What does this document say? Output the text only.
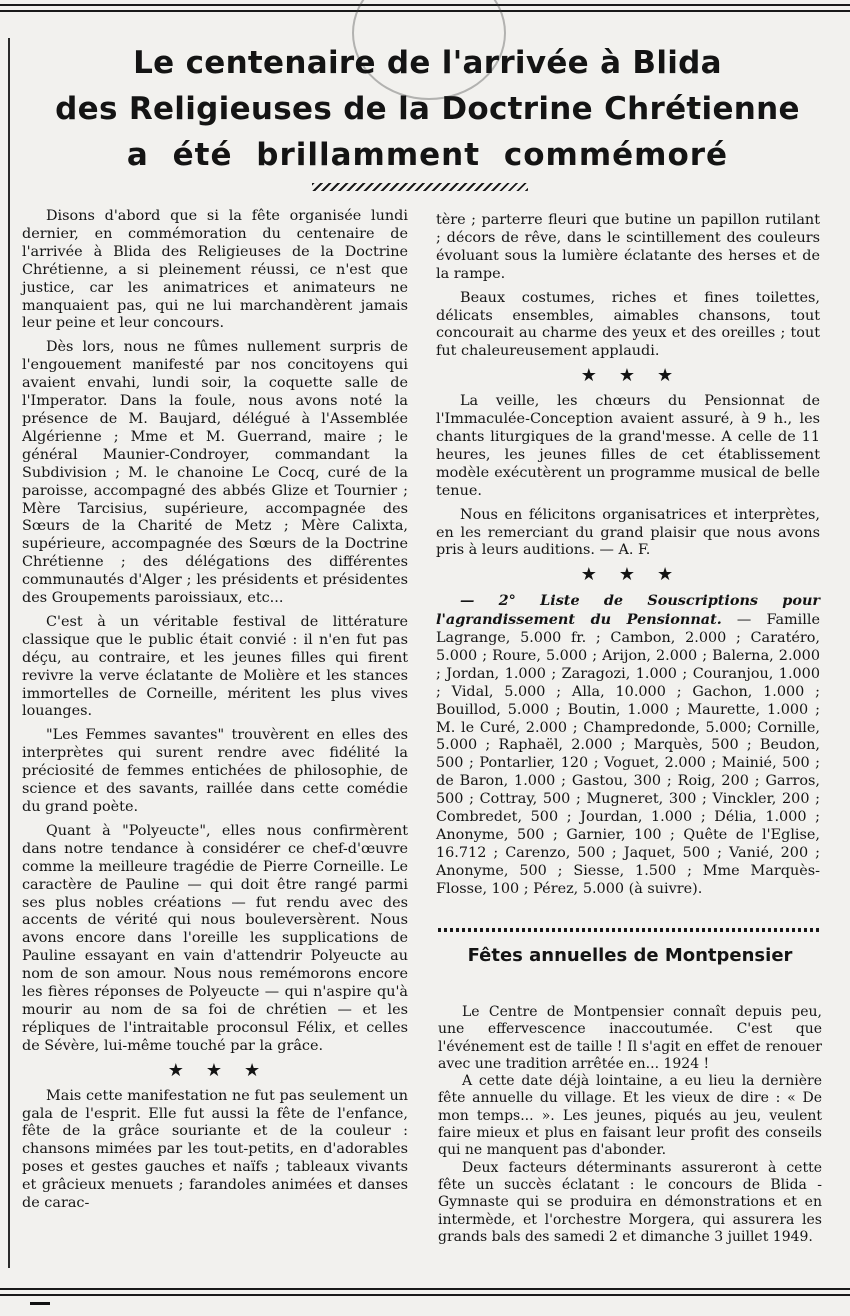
Le centenaire de l'arrivée à Blida
des Religieuses de la Doctrine Chrétienne
a été brillamment commémoré

Disons d'abord que si la fête organisée lundi dernier, en commémoration du centenaire de l'arrivée à Blida des Religieuses de la Doctrine Chrétienne, a si pleinement réussi, ce n'est que justice, car les animatrices et animateurs ne manquaient pas, qui ne lui marchandèrent jamais leur peine et leur concours.

Dès lors, nous ne fûmes nullement surpris de l'engouement manifesté par nos concitoyens qui avaient envahi, lundi soir, la coquette salle de l'Imperator. Dans la foule, nous avons noté la présence de M. Baujard, délégué à l'Assemblée Algérienne ; Mme et M. Guerrand, maire ; le général Maunier-Condroyer, commandant la Subdivision ; M. le chanoine Le Cocq, curé de la paroisse, accompagné des abbés Glize et Tournier ; Mère Tarcisius, supérieure, accompagnée des Sœurs de la Charité de Metz ; Mère Calixta, supérieure, accompagnée des Sœurs de la Doctrine Chrétienne ; des délégations des différentes communautés d'Alger ; les présidents et présidentes des Groupements paroissiaux, etc...

C'est à un véritable festival de littérature classique que le public était convié : il n'en fut pas déçu, au contraire, et les jeunes filles qui firent revivre la verve éclatante de Molière et les stances immortelles de Corneille, méritent les plus vives louanges.

"Les Femmes savantes" trouvèrent en elles des interprètes qui surent rendre avec fidélité la préciosité de femmes entichées de philosophie, de science et des savants, raillée dans cette comédie du grand poète.

Quant à "Polyeucte", elles nous confirmèrent dans notre tendance à considérer ce chef-d'œuvre comme la meilleure tragédie de Pierre Corneille. Le caractère de Pauline — qui doit être rangé parmi ses plus nobles créations — fut rendu avec des accents de vérité qui nous bouleversèrent. Nous avons encore dans l'oreille les supplications de Pauline essayant en vain d'attendrir Polyeucte au nom de son amour. Nous nous remémorons encore les fières réponses de Polyeucte — qui n'aspire qu'à mourir au nom de sa foi de chrétien — et les répliques de l'intraitable proconsul Félix, et celles de Sévère, lui-même touché par la grâce.

★★★

Mais cette manifestation ne fut pas seulement un gala de l'esprit. Elle fut aussi la fête de l'enfance, fête de la grâce souriante et de la couleur : chansons mimées par les tout-petits, en d'adorables poses et gestes gauches et naïfs ; tableaux vivants et grâcieux menuets ; farandoles animées et danses de carac-

tère ; parterre fleuri que butine un papillon rutilant ; décors de rêve, dans le scintillement des couleurs évoluant sous la lumière éclatante des herses et de la rampe.

Beaux costumes, riches et fines toilettes, délicats ensembles, aimables chansons, tout concourait au charme des yeux et des oreilles ; tout fut chaleureusement applaudi.

★★★

La veille, les chœurs du Pensionnat de l'Immaculée-Conception avaient assuré, à 9 h., les chants liturgiques de la grand'messe. A celle de 11 heures, les jeunes filles de cet établissement modèle exécutèrent un programme musical de belle tenue.

Nous en félicitons organisatrices et interprètes, en les remerciant du grand plaisir que nous avons pris à leurs auditions. — A. F.

★★★

— 2° Liste de Souscriptions pour l'agrandissement du Pensionnat. — Famille Lagrange, 5.000 fr. ; Cambon, 2.000 ; Caratéro, 5.000 ; Roure, 5.000 ; Arijon, 2.000 ; Balerna, 2.000 ; Jordan, 1.000 ; Zaragozi, 1.000 ; Couranjou, 1.000 ; Vidal, 5.000 ; Alla, 10.000 ; Gachon, 1.000 ; Bouillod, 5.000 ; Boutin, 1.000 ; Maurette, 1.000 ; M. le Curé, 2.000 ; Champredonde, 5.000; Cornille, 5.000 ; Raphaël, 2.000 ; Marquès, 500 ; Beudon, 500 ; Pontarlier, 120 ; Voguet, 2.000 ; Mainié, 500 ; de Baron, 1.000 ; Gastou, 300 ; Roig, 200 ; Garros, 500 ; Cottray, 500 ; Mugneret, 300 ; Vinckler, 200 ; Combredet, 500 ; Jourdan, 1.000 ; Délia, 1.000 ; Anonyme, 500 ; Garnier, 100 ; Quête de l'Eglise, 16.712 ; Carenzo, 500 ; Jaquet, 500 ; Vanié, 200 ; Anonyme, 500 ; Siesse, 1.500 ; Mme Marquès-Flosse, 100 ; Pérez, 5.000 (à suivre).

Fêtes annuelles de Montpensier

Le Centre de Montpensier connaît depuis peu, une effervescence inaccoutumée. C'est que l'événement est de taille ! Il s'agit en effet de renouer avec une tradition arrêtée en... 1924 !

A cette date déjà lointaine, a eu lieu la dernière fête annuelle du village. Et les vieux de dire : « De mon temps... ». Les jeunes, piqués au jeu, veulent faire mieux et plus en faisant leur profit des conseils qui ne manquent pas d'abonder.

Deux facteurs déterminants assureront à cette fête un succès éclatant : le concours de Blida - Gymnaste qui se produira en démonstrations et en intermède, et l'orchestre Morgera, qui assurera les grands bals des samedi 2 et dimanche 3 juillet 1949.
